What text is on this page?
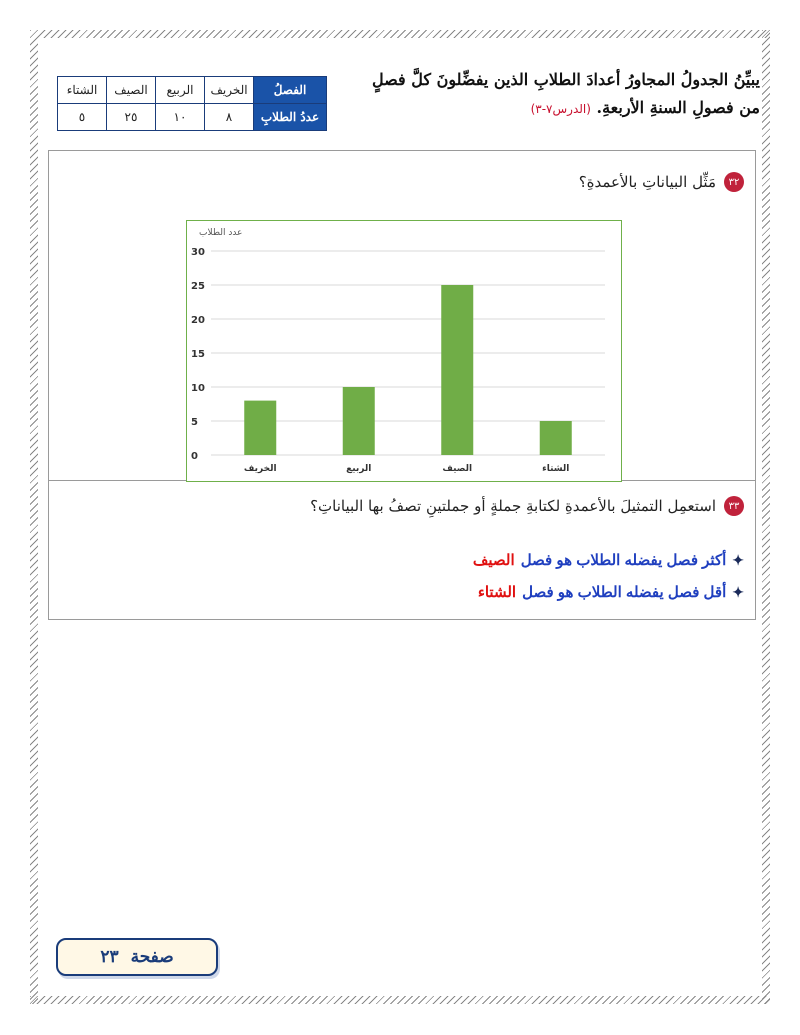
يبيِّنُ الجدولُ المجاورُ أعدادَ الطلابِ الذين يفضِّلونَ كلَّ فصلٍ
من فصولِ السنةِ الأربعةِ. (الدرس٧-٣)
الفصلُ	الخريف	الربيع	الصيف	الشتاء
عددُ الطلابِ	٨	١٠	٢٥	٥
٣٢
مَثِّل البياناتِ بالأعمدةِ؟
عدد الطلاب
0
5
10
15
20
25
30
الخريف	الربيع	الصيف	الشتاء
٣٣
استعمِل التمثيلَ بالأعمدةِ لكتابةِ جملةٍ أو جملتينِ تصفُ بها البياناتِ؟
✦
أكثر فصل يفضله الطلاب هو فصل
الصيف
✦
أقل فصل يفضله الطلاب هو فصل
الشتاء
صفحة
٢٣
